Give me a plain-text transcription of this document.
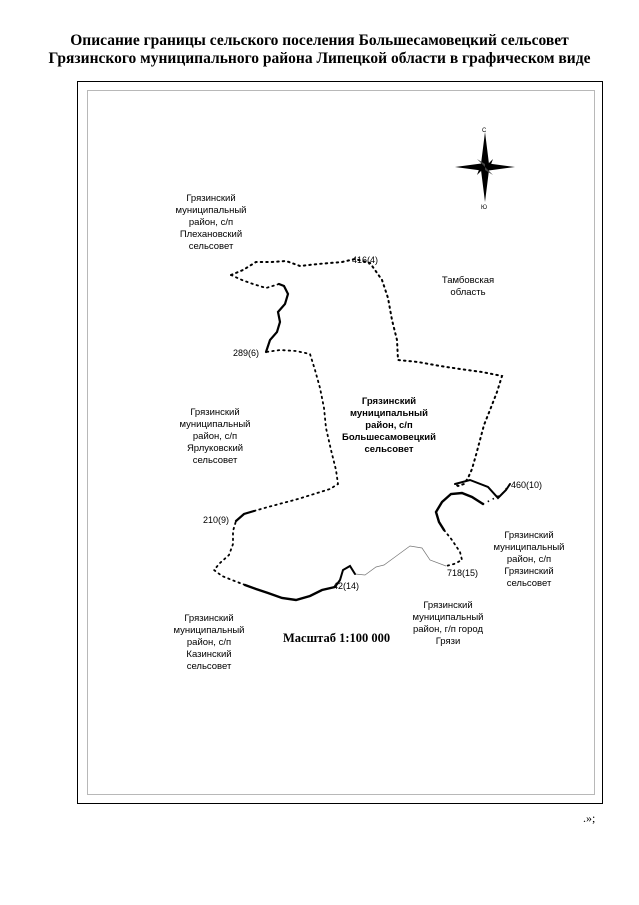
Описание границы сельского поселения Большесамовецкий сельсовет
Грязинского муниципального района Липецкой области в графическом виде
Грязинский
муниципальный
район, с/п
Плехановский
сельсовет
Тамбовская
область
Грязинский
муниципальный
район, с/п
Ярлуковский
сельсовет
Грязинский
муниципальный
район, с/п
Большесамовецкий
сельсовет
Грязинский
муниципальный
район, с/п
Грязинский
сельсовет
Грязинский
муниципальный
район, с/п
Казинский
сельсовет
Грязинский
муниципальный
район, г/п город
Грязи
416(4)
289(6)
460(10)
210(9)
718(15)
42(14)
С
Ю
Масштаб 1:100 000
.»;
